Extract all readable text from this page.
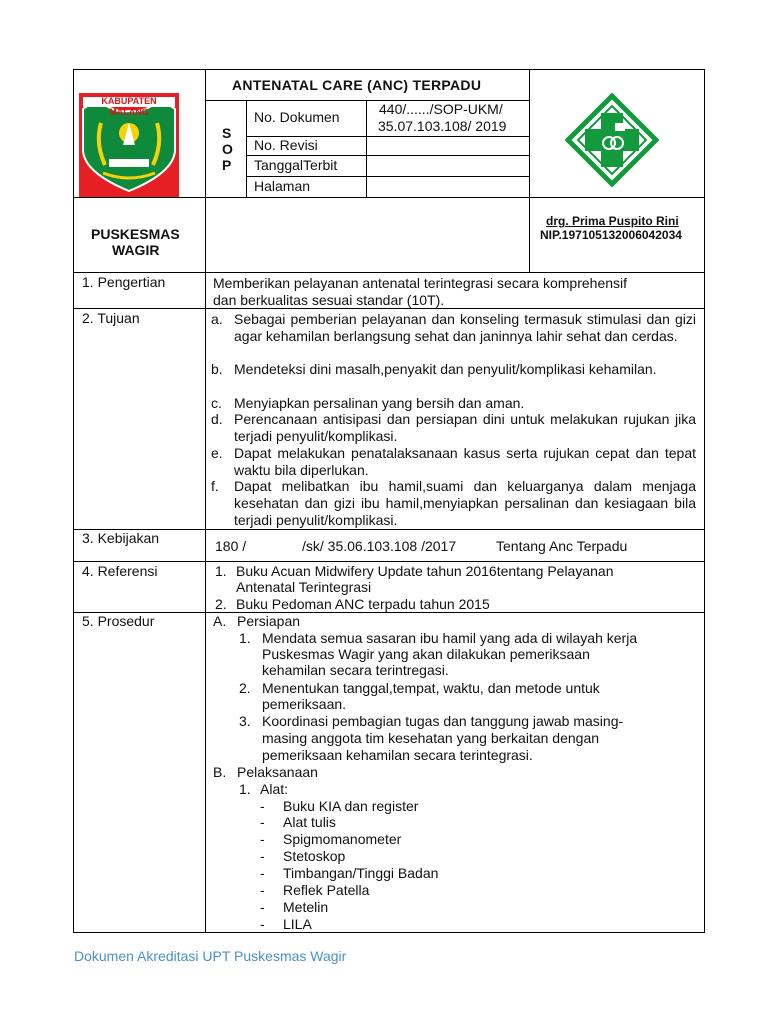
KABUPATEN MALANG
ANTENATAL CARE (ANC) TERPADU
S
O
P
No. Dokumen	440/....../SOP-UKM/
35.07.103.108/ 2019
No. Revisi
TanggalTerbit
Halaman
PUSKESMAS
WAGIR
drg. Prima Puspito Rini
NIP.197105132006042034
1. Pengertian	Memberikan pelayanan antenatal terintegrasi secara komprehensif
dan berkualitas sesuai standar (10T).
2. Tujuan	a. Sebagai pemberian pelayanan dan konseling termasuk stimulasi dan gizi agar kehamilan berlangsung sehat dan janinnya lahir sehat dan cerdas.
b. Mendeteksi dini masalh,penyakit dan penyulit/komplikasi kehamilan.
c. Menyiapkan persalinan yang bersih dan aman.
d. Perencanaan antisipasi dan persiapan dini untuk melakukan rujukan jika terjadi penyulit/komplikasi.
e. Dapat melakukan penatalaksanaan kasus serta rujukan cepat dan tepat waktu bila diperlukan.
f. Dapat melibatkan ibu hamil,suami dan keluarganya dalam menjaga kesehatan dan gizi ibu hamil,menyiapkan persalinan dan kesiagaan bila terjadi penyulit/komplikasi.
3. Kebijakan	180 /	/sk/ 35.06.103.108 /2017	Tentang Anc Terpadu
4. Referensi	1. Buku Acuan Midwifery Update tahun 2016tentang Pelayanan
Antenatal Terintegrasi
2. Buku Pedoman ANC terpadu tahun 2015
5. Prosedur	A. Persiapan
1. Mendata semua sasaran ibu hamil yang ada di wilayah kerja
Puskesmas Wagir yang akan dilakukan pemeriksaan
kehamilan secara terintregasi.
2. Menentukan tanggal,tempat, waktu, dan metode untuk
pemeriksaan.
3. Koordinasi pembagian tugas dan tanggung jawab masing-
masing anggota tim kesehatan yang berkaitan dengan
pemeriksaan kehamilan secara terintegrasi.
B. Pelaksanaan
1. Alat:
- Buku KIA dan register
- Alat tulis
- Spigmomanometer
- Stetoskop
- Timbangan/Tinggi Badan
- Reflek Patella
- Metelin
- LILA
Dokumen Akreditasi UPT Puskesmas Wagir
